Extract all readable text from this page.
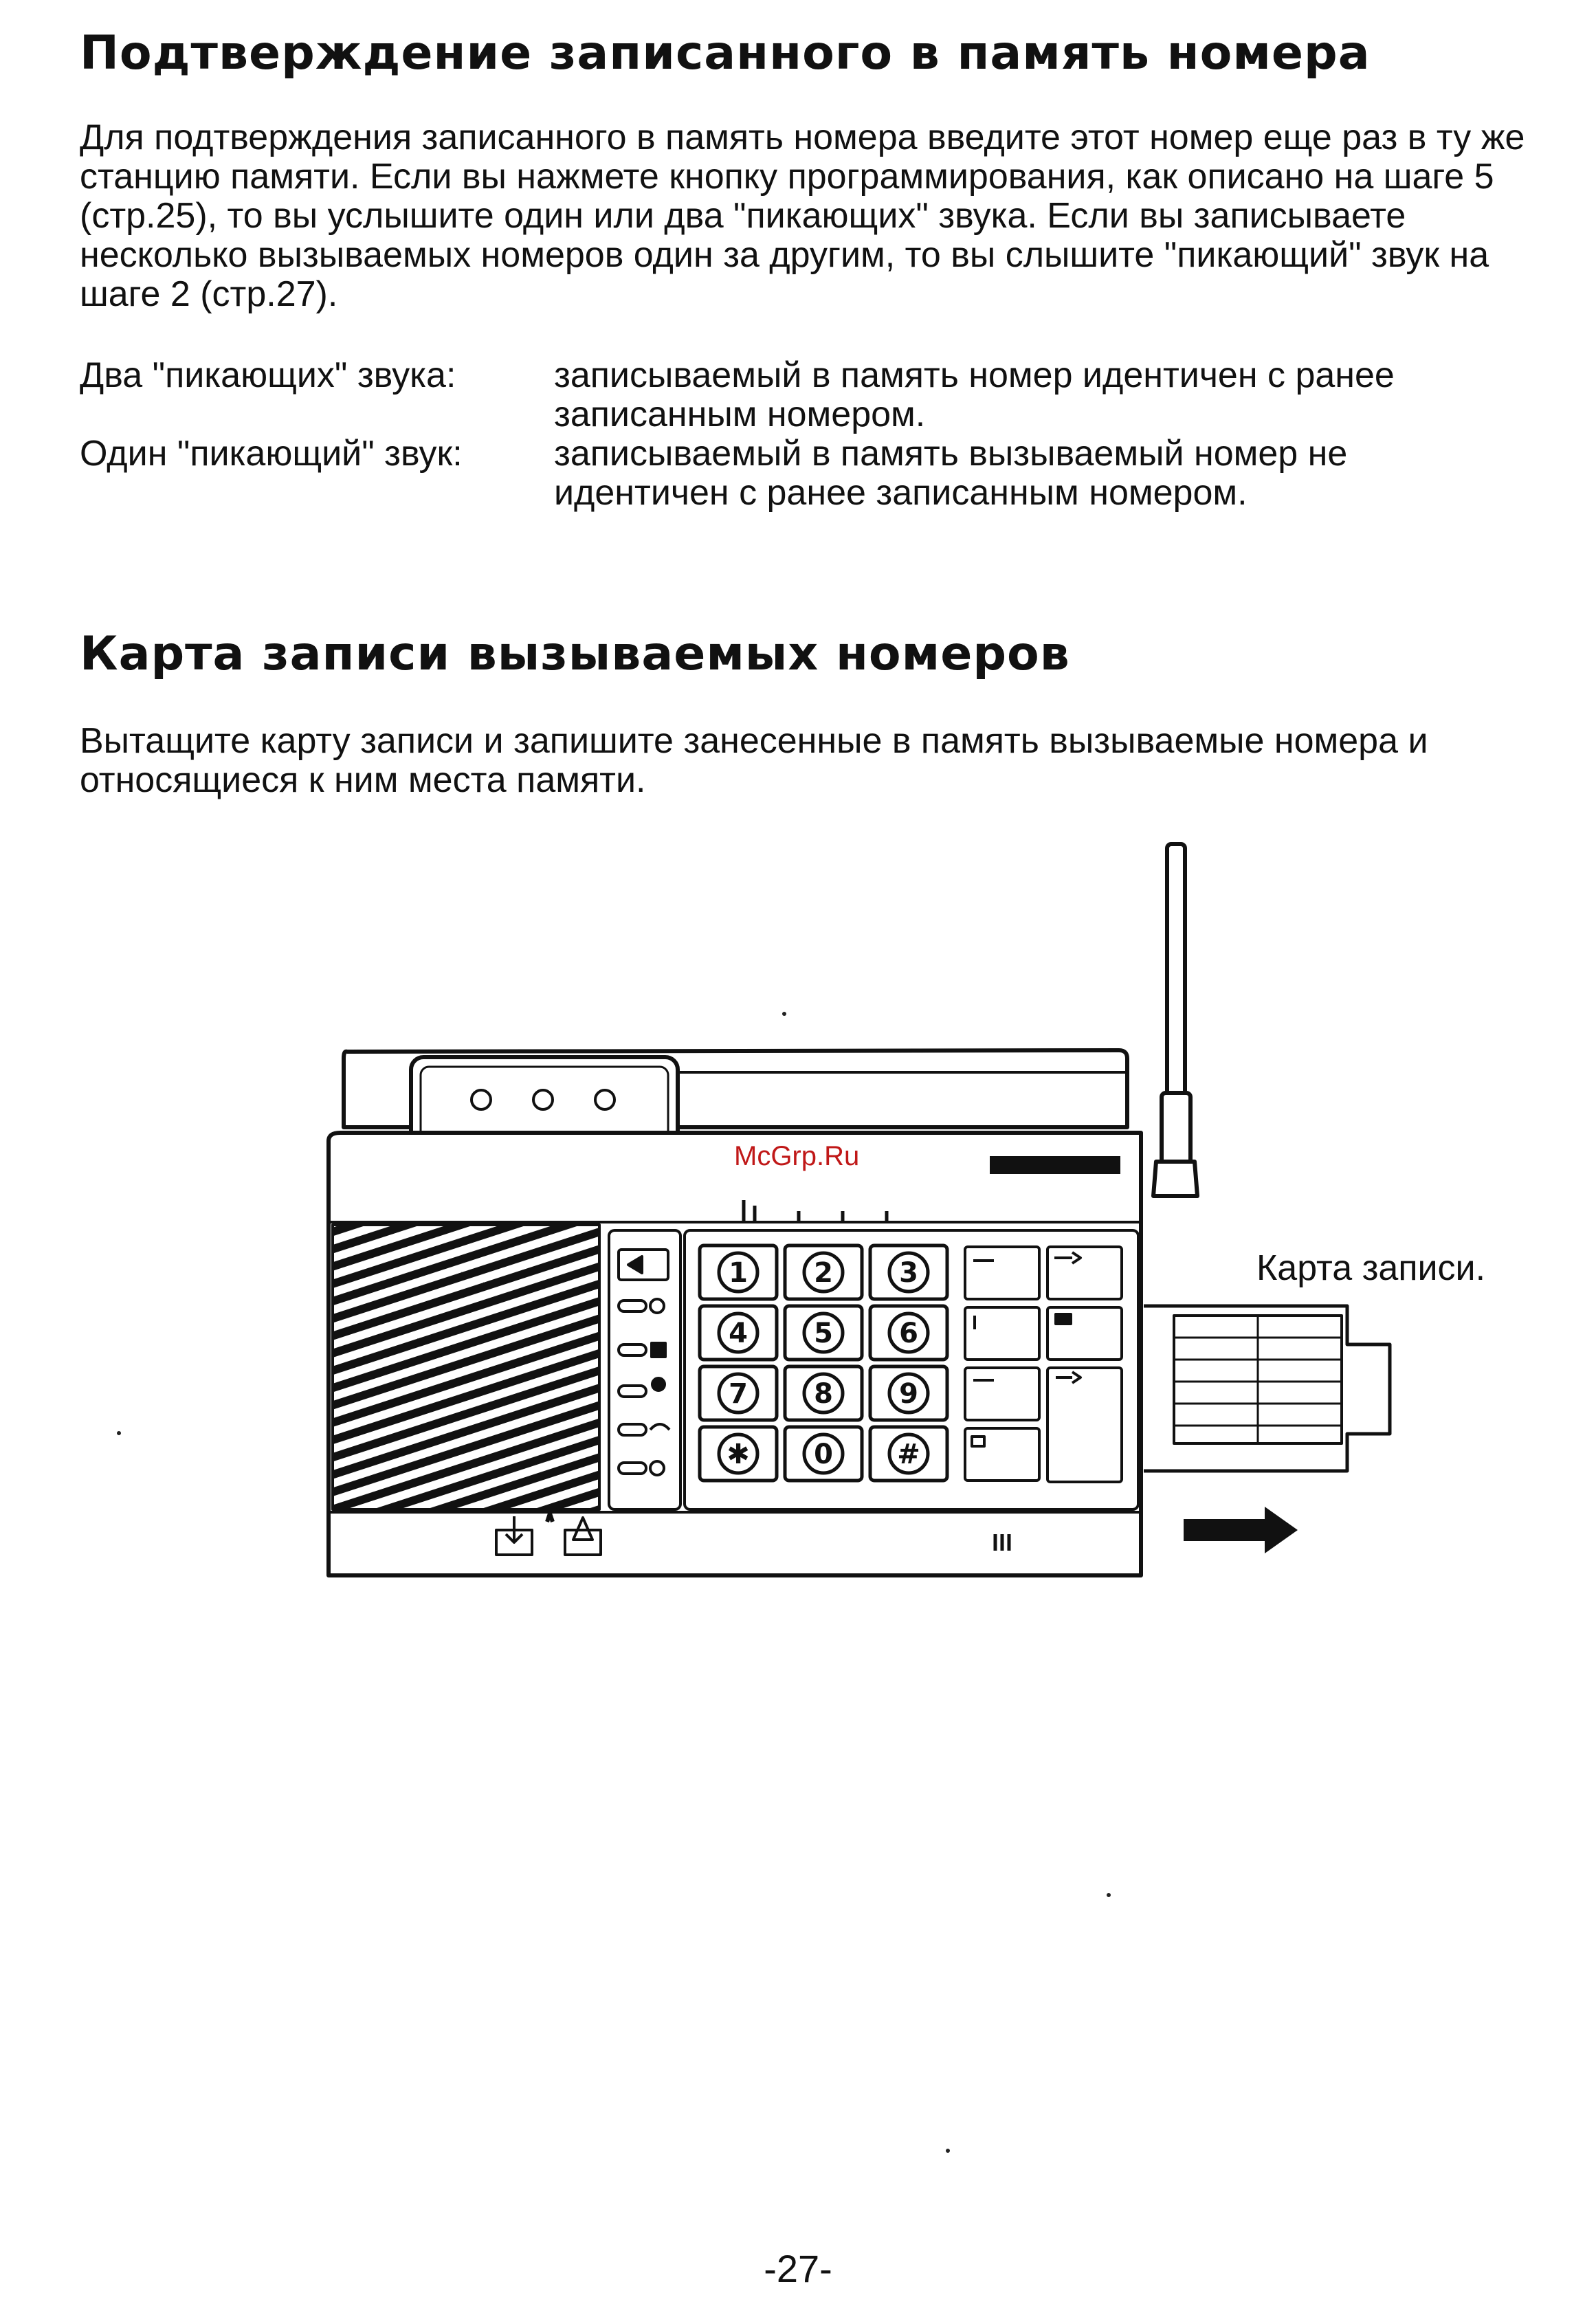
Подтверждение записанного в память номера

Для подтверждения записанного в память номера введите этот номер еще раз в ту же станцию памяти. Если вы нажмете кнопку программирования, как описано на шаге 5 (стр.25), то вы услышите один или два "пикающих" звука. Если вы записываете несколько вызываемых номеров один за другим, то вы слышите "пикающий" звук на шаге 2 (стр.27).

Два "пикающих" звука:	записываемый в память номер идентичен с ранее записанным номером.
Один "пикающий" звук:	записываемый в память вызываемый номер не идентичен с ранее записанным номером.
Карта записи вызываемых номеров

Вытащите карту записи и запишите занесенные в память вызываемые номера и относящиеся к ним места памяти.

1 2 3
4 5 6
7 8 9
✱ 0 #
McGrp.Ru
Карта записи.
-27-
